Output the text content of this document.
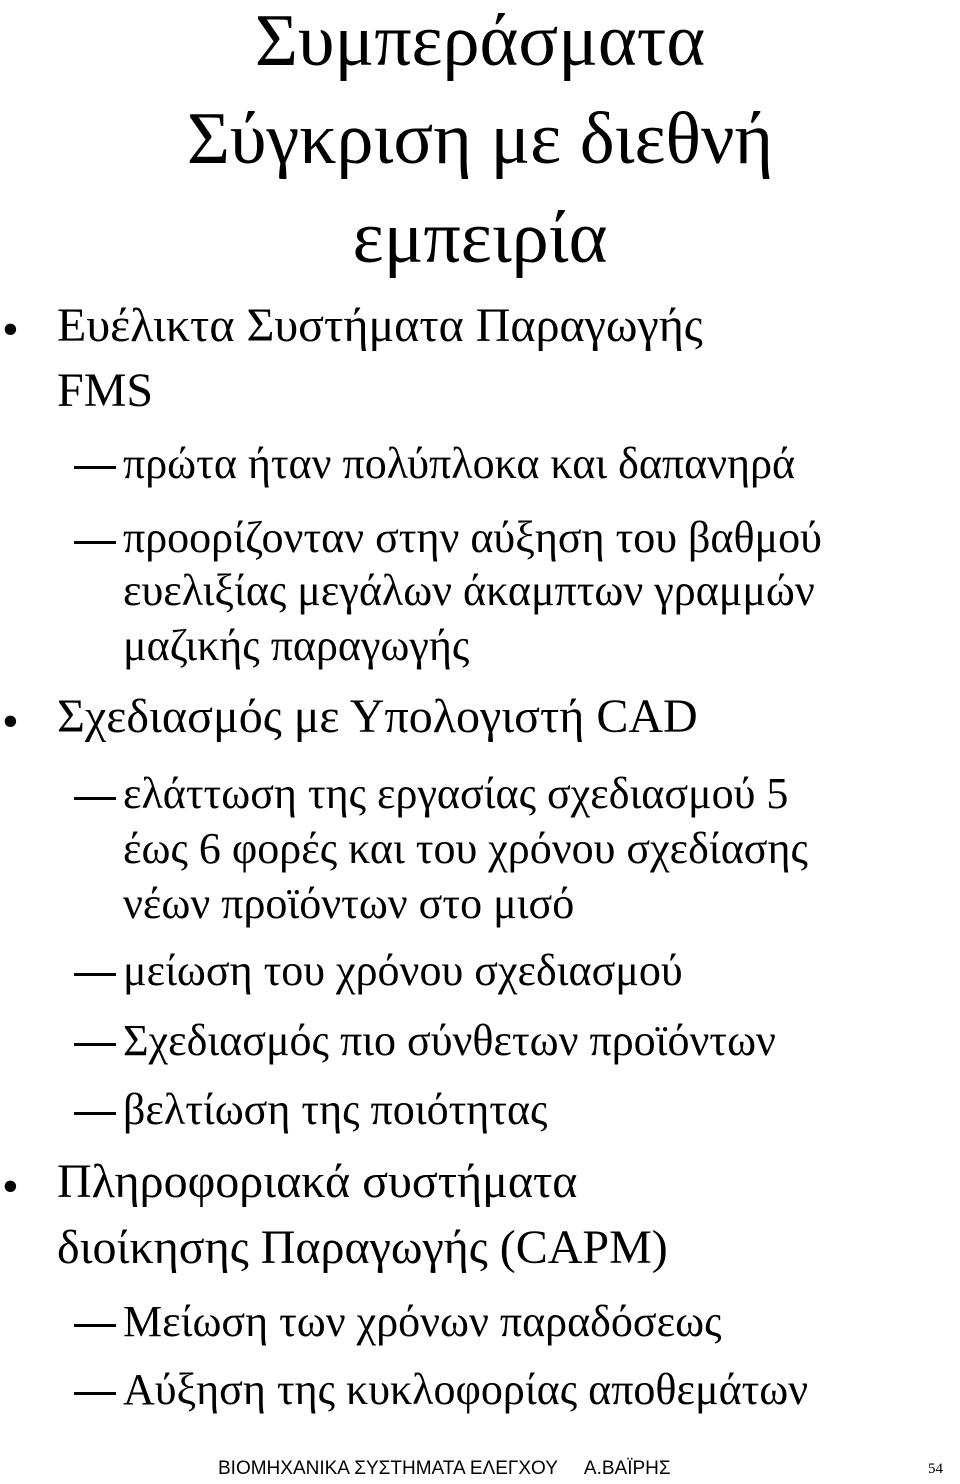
Συμπεράσματα
Σύγκριση με διεθνή
εμπειρία
• Ευέλικτα Συστήματα Παραγωγής
FMS
πρώτα ήταν πολύπλοκα και δαπανηρά
προορίζονταν στην αύξηση του βαθμού
ευελιξίας μεγάλων άκαμπτων γραμμών
μαζικής παραγωγής
• Σχεδιασμός με Υπολογιστή CAD
ελάττωση της εργασίας σχεδιασμού 5
έως 6 φορές και του χρόνου σχεδίασης
νέων προϊόντων στο μισό
μείωση του χρόνου σχεδιασμού
Σχεδιασμός πιο σύνθετων προϊόντων
βελτίωση της ποιότητας
• Πληροφοριακά συστήματα
διοίκησης Παραγωγής (CAPM)
Μείωση των χρόνων παραδόσεως
Αύξηση της κυκλοφορίας αποθεμάτων
ΒΙΟΜΗΧΑΝΙΚΑ ΣΥΣΤΗΜΑΤΑ ΕΛΕΓΧΟΥ Α.ΒΑΪΡΗΣ	54
